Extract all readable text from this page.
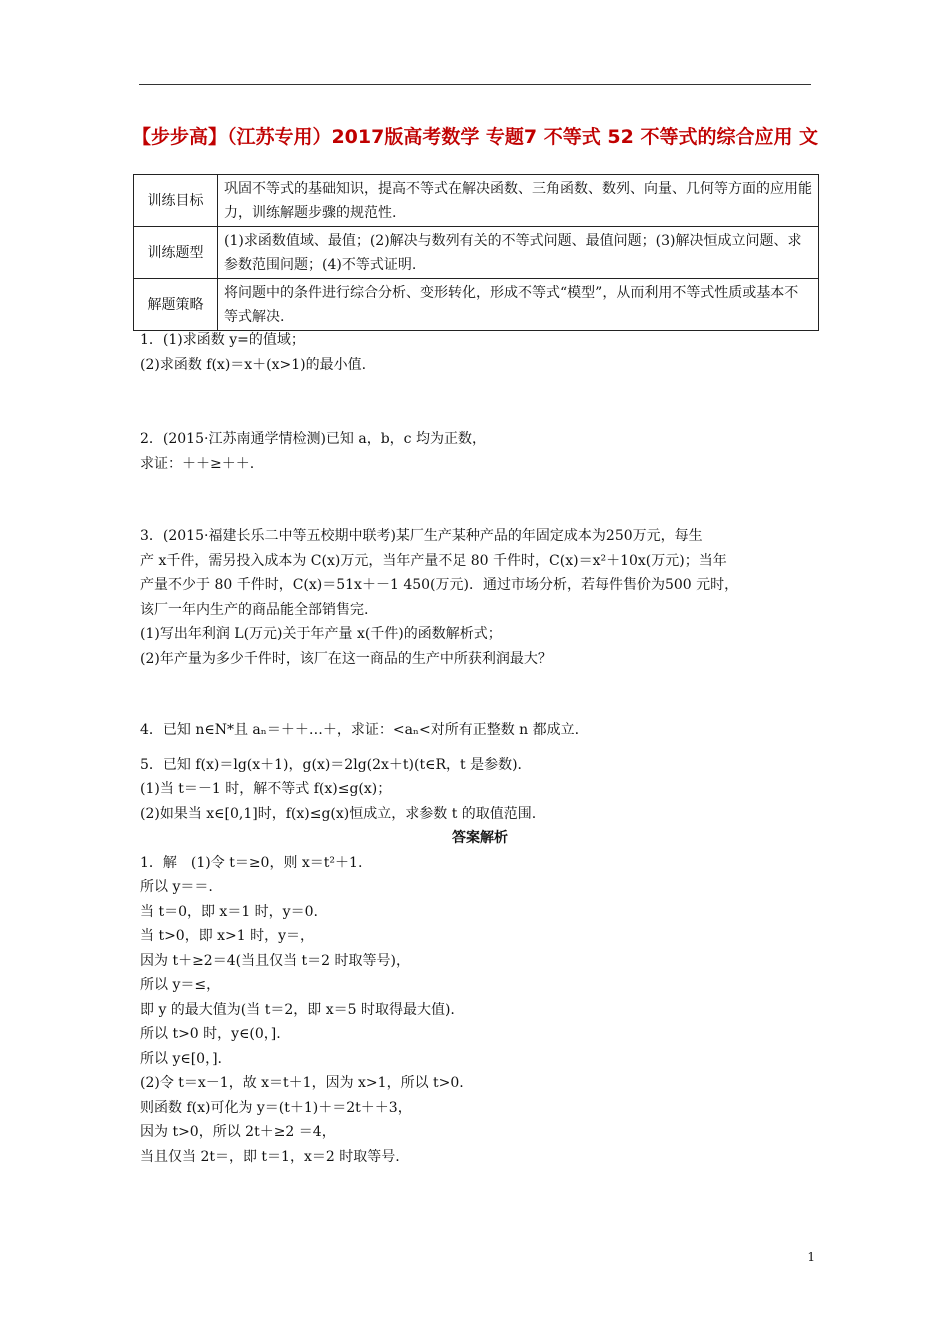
【步步高】（江苏专用）2017版高考数学 专题7 不等式 52 不等式的综合应用 文
训练目标	巩固不等式的基础知识，提高不等式在解决函数、三角函数、数列、向量、几何等方面的应用能力，训练解题步骤的规范性.
训练题型	(1)求函数值域、最值；(2)解决与数列有关的不等式问题、最值问题；(3)解决恒成立问题、求参数范围问题；(4)不等式证明.
解题策略	将问题中的条件进行综合分析、变形转化，形成不等式“模型”，从而利用不等式性质或基本不等式解决.

1．(1)求函数 y=的值域；

(2)求函数 f(x)＝x＋(x>1)的最小值.

2．(2015·江苏南通学情检测)已知 a，b，c 均为正数，

求证：＋＋≥＋＋.

3．(2015·福建长乐二中等五校期中联考)某厂生产某种产品的年固定成本为250万元，每生

产 x千件，需另投入成本为 C(x)万元，当年产量不足 80 千件时，C(x)＝x²＋10x(万元)；当年

产量不少于 80 千件时，C(x)＝51x＋－1 450(万元)．通过市场分析，若每件售价为500 元时，

该厂一年内生产的商品能全部销售完.

(1)写出年利润 L(万元)关于年产量 x(千件)的函数解析式；

(2)年产量为多少千件时，该厂在这一商品的生产中所获利润最大？

4．已知 n∈N*且 aₙ＝＋＋…＋，求证：<aₙ<对所有正整数 n 都成立.

5．已知 f(x)＝lg(x＋1)，g(x)＝2lg(2x＋t)(t∈R，t 是参数)．

(1)当 t＝－1 时，解不等式 f(x)≤g(x)；

(2)如果当 x∈[0,1]时，f(x)≤g(x)恒成立，求参数 t 的取值范围.

答案解析

1．解　(1)令 t＝≥0，则 x＝t²＋1.

所以 y＝＝.

当 t＝0，即 x＝1 时，y＝0.

当 t>0，即 x>1 时，y＝，

因为 t＋≥2＝4(当且仅当 t＝2 时取等号)，

所以 y＝≤，

即 y 的最大值为(当 t＝2，即 x＝5 时取得最大值).

所以 t>0 时，y∈(0，].

所以 y∈[0，].

(2)令 t＝x－1，故 x＝t＋1，因为 x>1，所以 t>0.

则函数 f(x)可化为 y＝(t＋1)＋＝2t＋＋3，

因为 t>0，所以 2t＋≥2 ＝4，

当且仅当 2t＝，即 t＝1，x＝2 时取等号.

1
